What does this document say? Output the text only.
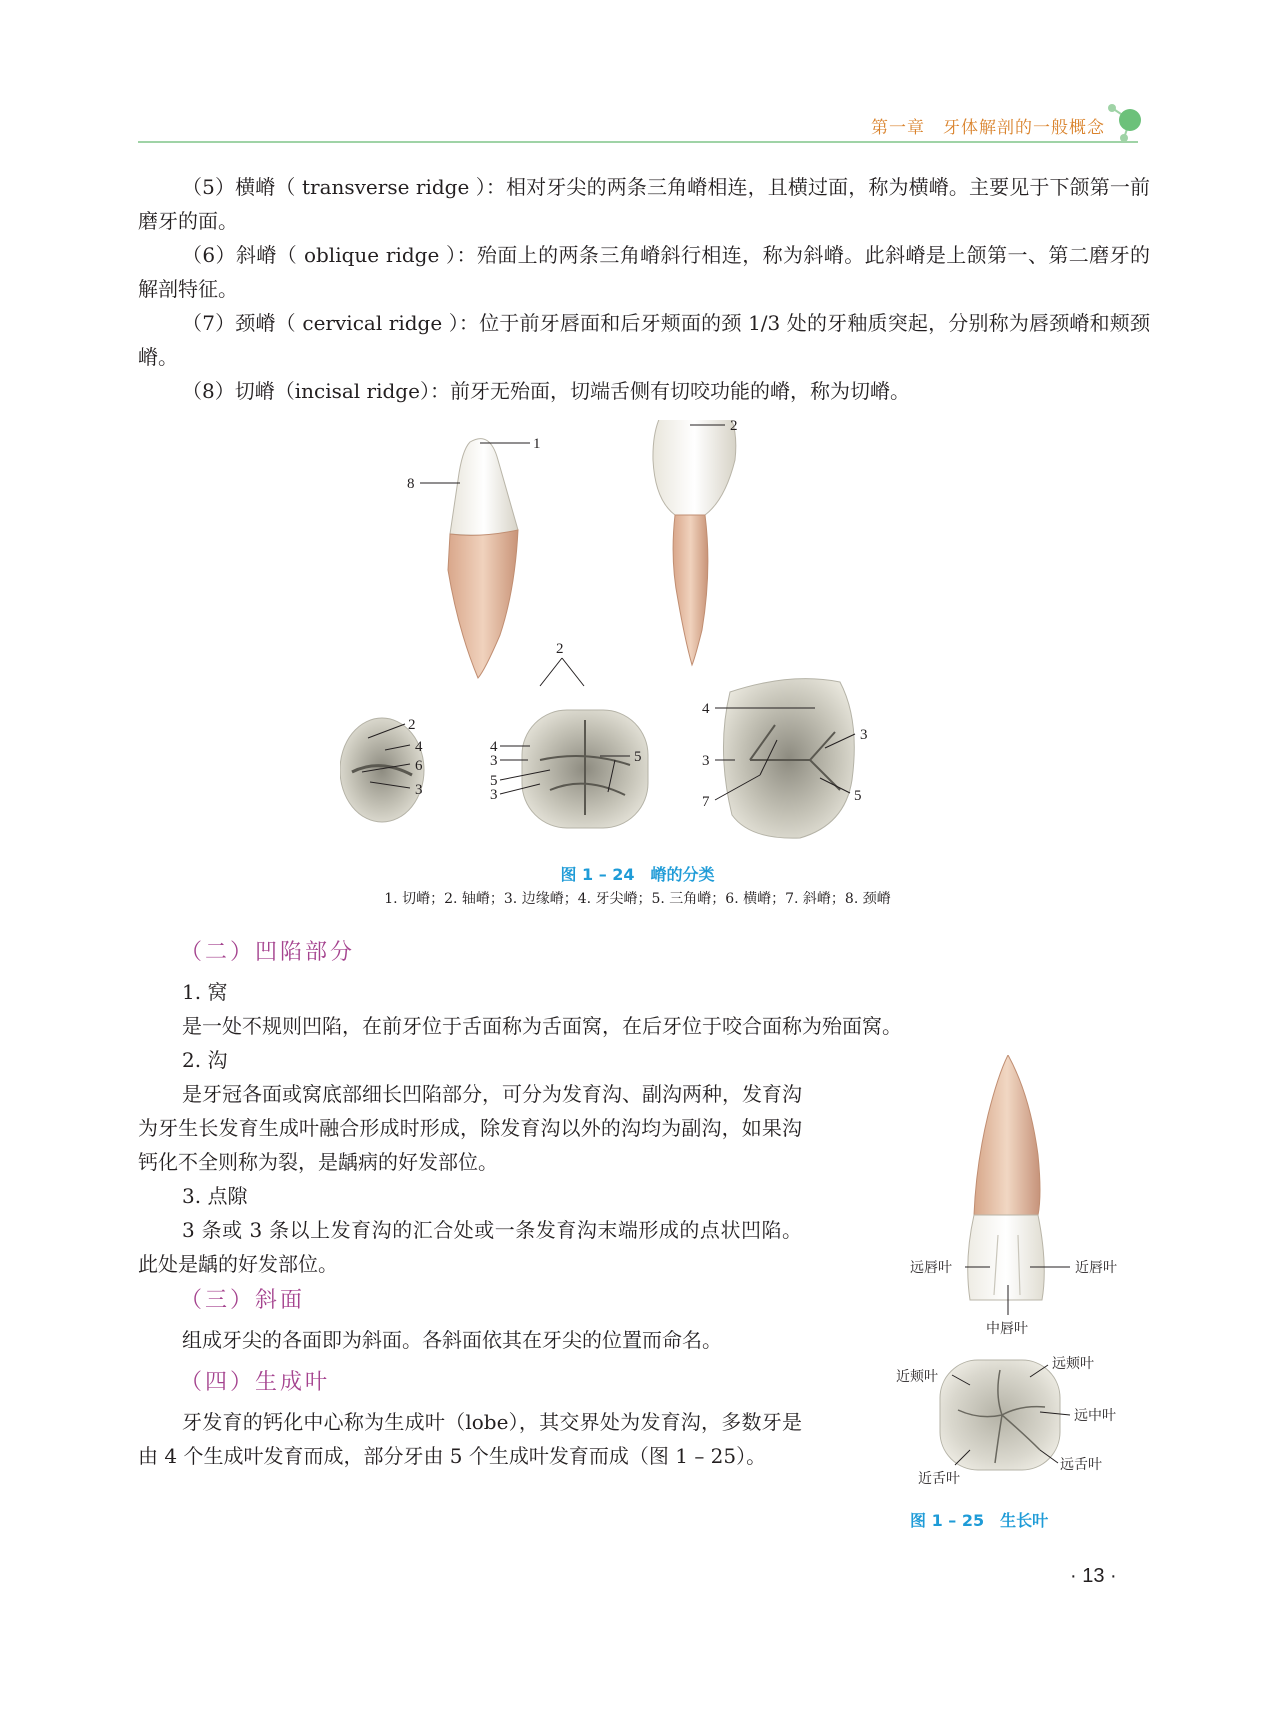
第一章 牙体解剖的一般概念

（5）横嵴（ transverse ridge ）：相对牙尖的两条三角嵴相连，且横过面，称为横嵴。主要见于下颌第一前磨牙的面。

（6）斜嵴（ oblique ridge ）：殆面上的两条三角嵴斜行相连，称为斜嵴。此斜嵴是上颌第一、第二磨牙的解剖特征。

（7）颈嵴（ cervical ridge ）：位于前牙唇面和后牙颊面的颈 1/3 处的牙釉质突起，分别称为唇颈嵴和颊颈嵴。

（8）切嵴（incisal ridge）：前牙无殆面，切端舌侧有切咬功能的嵴，称为切嵴。

1
8
2
2
4
6
3
2
4
3	5
5
3
4
3
3
7	5
图 1 – 24　嵴的分类
1. 切嵴；2. 轴嵴；3. 边缘嵴；4. 牙尖嵴；5. 三角嵴；6. 横嵴；7. 斜嵴；8. 颈嵴
（二）凹陷部分

1. 窝

是一处不规则凹陷，在前牙位于舌面称为舌面窝，在后牙位于咬合面称为殆面窝。

2. 沟

是牙冠各面或窝底部细长凹陷部分，可分为发育沟、副沟两种，发育沟为牙生长发育生成叶融合形成时形成，除发育沟以外的沟均为副沟，如果沟钙化不全则称为裂，是龋病的好发部位。

3. 点隙

3 条或 3 条以上发育沟的汇合处或一条发育沟末端形成的点状凹陷。此处是龋的好发部位。

（三）斜面

组成牙尖的各面即为斜面。各斜面依其在牙尖的位置而命名。

（四）生成叶

牙发育的钙化中心称为生成叶（lobe），其交界处为发育沟，多数牙是由 4 个生成叶发育而成，部分牙由 5 个生成叶发育而成（图 1 – 25）。

远唇叶	近唇叶
中唇叶
近颊叶
远颊叶
远中叶
近舌叶
远舌叶
图 1 – 25　生长叶
· 13 ·
